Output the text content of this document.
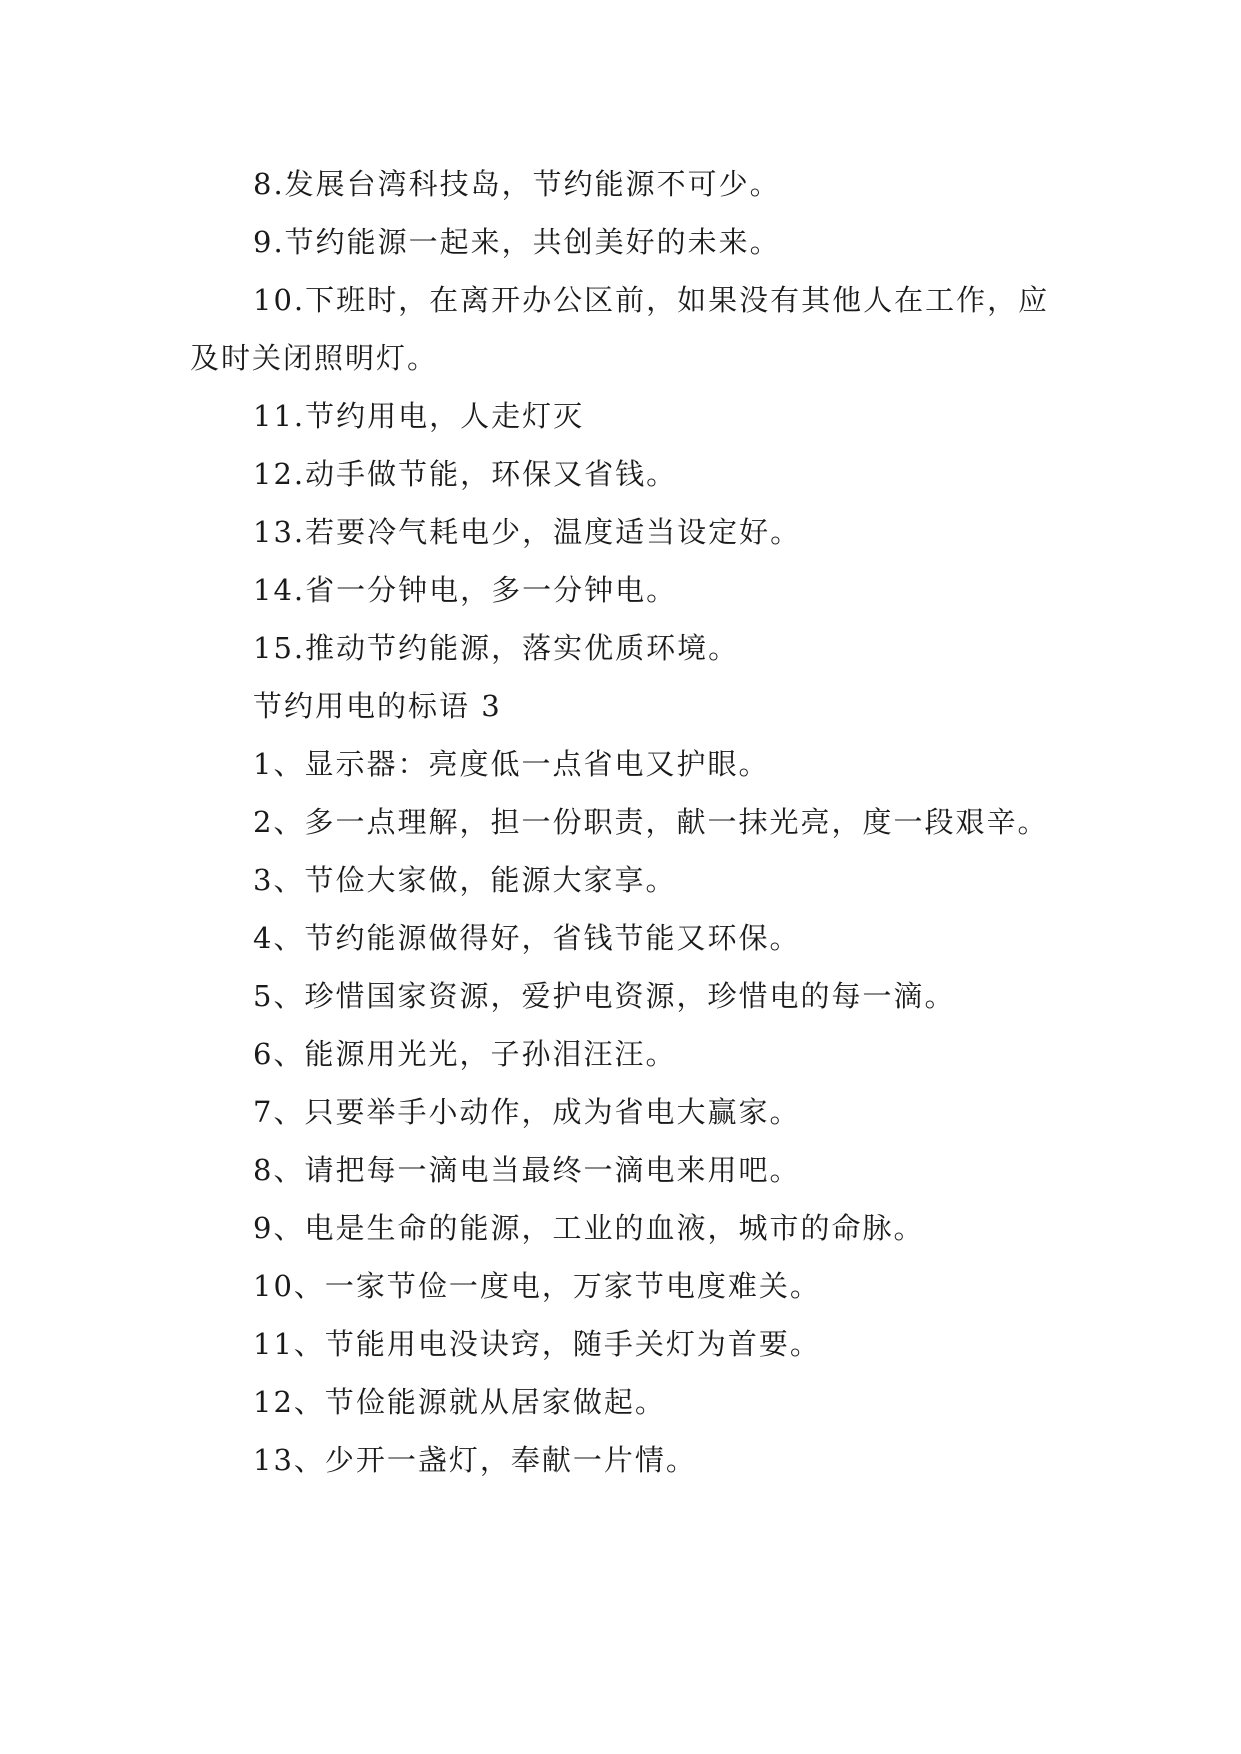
8.发展台湾科技岛，节约能源不可少。

9.节约能源一起来，共创美好的未来。

10.下班时，在离开办公区前，如果没有其他人在工作，应及时关闭照明灯。

11.节约用电，人走灯灭

12.动手做节能，环保又省钱。

13.若要冷气耗电少，温度适当设定好。

14.省一分钟电，多一分钟电。

15.推动节约能源，落实优质环境。

节约用电的标语 3

1、显示器：亮度低一点省电又护眼。

2、多一点理解，担一份职责，献一抹光亮，度一段艰辛。

3、节俭大家做，能源大家享。

4、节约能源做得好，省钱节能又环保。

5、珍惜国家资源，爱护电资源，珍惜电的每一滴。

6、能源用光光，子孙泪汪汪。

7、只要举手小动作，成为省电大赢家。

8、请把每一滴电当最终一滴电来用吧。

9、电是生命的能源，工业的血液，城市的命脉。

10、一家节俭一度电，万家节电度难关。

11、节能用电没诀窍，随手关灯为首要。

12、节俭能源就从居家做起。

13、少开一盏灯，奉献一片情。
